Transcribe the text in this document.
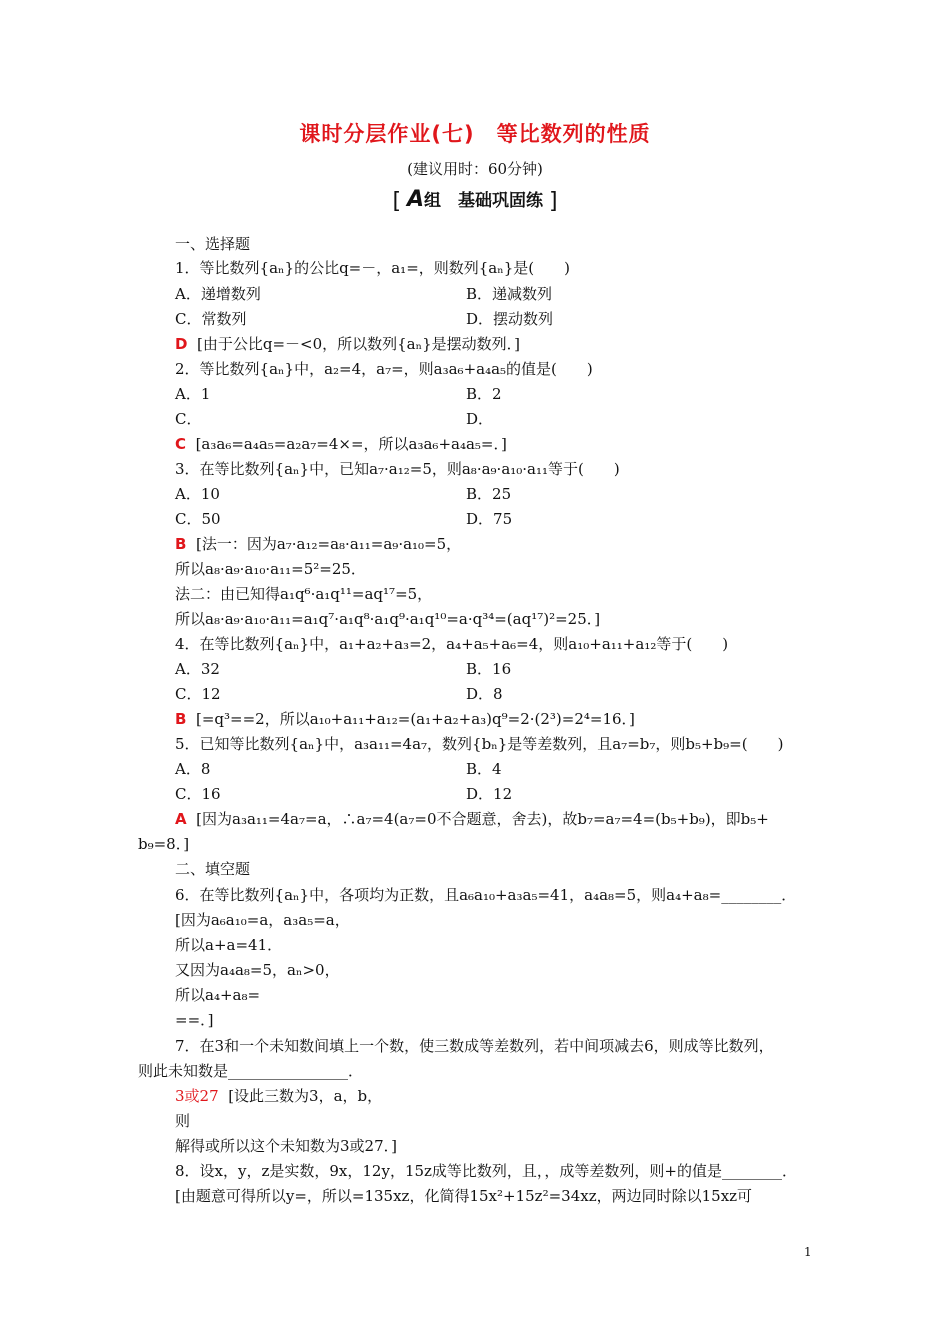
课时分层作业(七)　等比数列的性质
(建议用时：60分钟)
[ A组　基础巩固练 ]
一、选择题
1．等比数列{aₙ}的公比q=－，a₁=，则数列{aₙ}是(　　)
A．递增数列	B．递减数列
C．常数列	D．摆动数列
D [由于公比q=－<0，所以数列{aₙ}是摆动数列．]
2．等比数列{aₙ}中，a₂=4，a₇=，则a₃a₆+a₄a₅的值是(　　)
A．1	B．2
C．	D．
C [a₃a₆=a₄a₅=a₂a₇=4×=，所以a₃a₆+a₄a₅=．]
3．在等比数列{aₙ}中，已知a₇·a₁₂=5，则a₈·a₉·a₁₀·a₁₁等于(　　)
A．10	B．25
C．50	D．75
B [法一：因为a₇·a₁₂=a₈·a₁₁=a₉·a₁₀=5，
所以a₈·a₉·a₁₀·a₁₁=5²=25．
法二：由已知得a₁q⁶·a₁q¹¹=aq¹⁷=5，
所以a₈·a₉·a₁₀·a₁₁=a₁q⁷·a₁q⁸·a₁q⁹·a₁q¹⁰=a·q³⁴=(aq¹⁷)²=25．]
4．在等比数列{aₙ}中，a₁+a₂+a₃=2，a₄+a₅+a₆=4，则a₁₀+a₁₁+a₁₂等于(　　)
A．32	B．16
C．12	D．8
B [=q³==2，所以a₁₀+a₁₁+a₁₂=(a₁+a₂+a₃)q⁹=2·(2³)=2⁴=16．]
5．已知等比数列{aₙ}中，a₃a₁₁=4a₇，数列{bₙ}是等差数列，且a₇=b₇，则b₅+b₉=(　　)
A．8	B．4
C．16	D．12
A [因为a₃a₁₁=4a₇=a，∴a₇=4(a₇=0不合题意，舍去)，故b₇=a₇=4=(b₅+b₉)，即b₅+
b₉=8．]
二、填空题
6．在等比数列{aₙ}中，各项均为正数，且a₆a₁₀+a₃a₅=41，a₄a₈=5，则a₄+a₈=________．
[因为a₆a₁₀=a，a₃a₅=a，
所以a+a=41．
又因为a₄a₈=5，aₙ>0，
所以a₄+a₈=
==．]
7．在3和一个未知数间填上一个数，使三数成等差数列，若中间项减去6，则成等比数列，
则此未知数是________________．
3或27 [设此三数为3，a，b，
则
解得或所以这个未知数为3或27．]
8．设x，y，z是实数，9x，12y，15z成等比数列，且，，成等差数列，则+的值是________．
[由题意可得所以y=，所以=135xz，化简得15x²+15z²=34xz，两边同时除以15xz可
1
